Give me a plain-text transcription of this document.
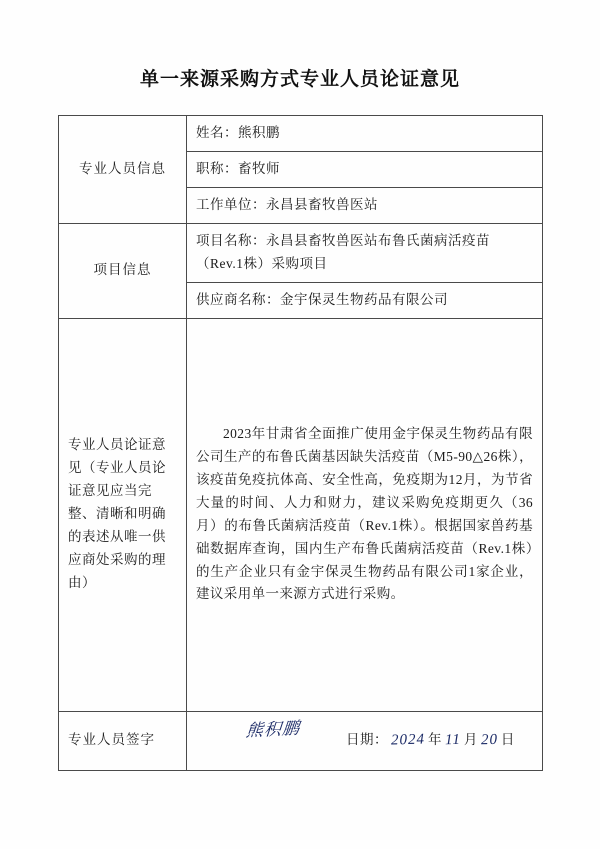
单一来源采购方式专业人员论证意见
专业人员信息	姓名：熊积鹏
	职称：畜牧师
	工作单位：永昌县畜牧兽医站
项目信息	项目名称：永昌县畜牧兽医站布鲁氏菌病活疫苗（Rev.1株）采购项目
	供应商名称：金宇保灵生物药品有限公司
专业人员论证意见（专业人员论证意见应当完整、清晰和明确的表述从唯一供应商处采购的理由）	2023年甘肃省全面推广使用金宇保灵生物药品有限公司生产的布鲁氏菌基因缺失活疫苗（M5-90△26株），该疫苗免疫抗体高、安全性高，免疫期为12月，为节省大量的时间、人力和财力，建议采购免疫期更久（36月）的布鲁氏菌病活疫苗（Rev.1株）。根据国家兽药基础数据库查询，国内生产布鲁氏菌病活疫苗（Rev.1株）的生产企业只有金宇保灵生物药品有限公司1家企业，建议采用单一来源方式进行采购。

专业人员签字	熊积鹏	日期： 2024 年 11 月 20 日
